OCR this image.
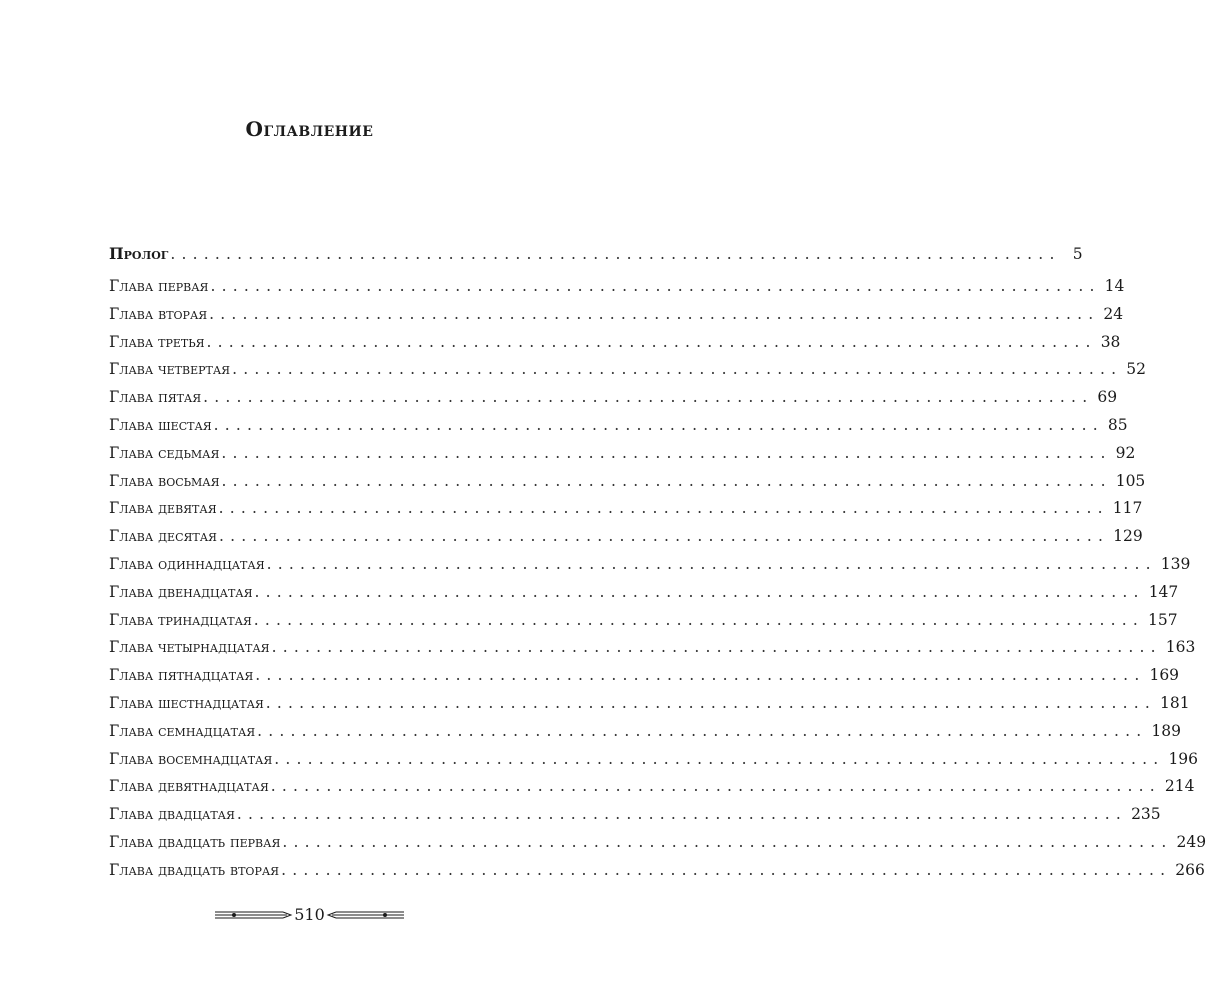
Оглавление
Пролог ................................................................................ 5
Глава первая ................................................................................ 14
Глава вторая ................................................................................ 24
Глава третья ................................................................................ 38
Глава четвертая ................................................................................ 52
Глава пятая ................................................................................ 69
Глава шестая ................................................................................ 85
Глава седьмая ................................................................................ 92
Глава восьмая ................................................................................ 105
Глава девятая ................................................................................ 117
Глава десятая ................................................................................ 129
Глава одиннадцатая ................................................................................ 139
Глава двенадцатая ................................................................................ 147
Глава тринадцатая ................................................................................ 157
Глава четырнадцатая ................................................................................ 163
Глава пятнадцатая ................................................................................ 169
Глава шестнадцатая ................................................................................ 181
Глава семнадцатая ................................................................................ 189
Глава восемнадцатая ................................................................................ 196
Глава девятнадцатая ................................................................................ 214
Глава двадцатая ................................................................................ 235
Глава двадцать первая ................................................................................ 249
Глава двадцать вторая ................................................................................ 266
510
